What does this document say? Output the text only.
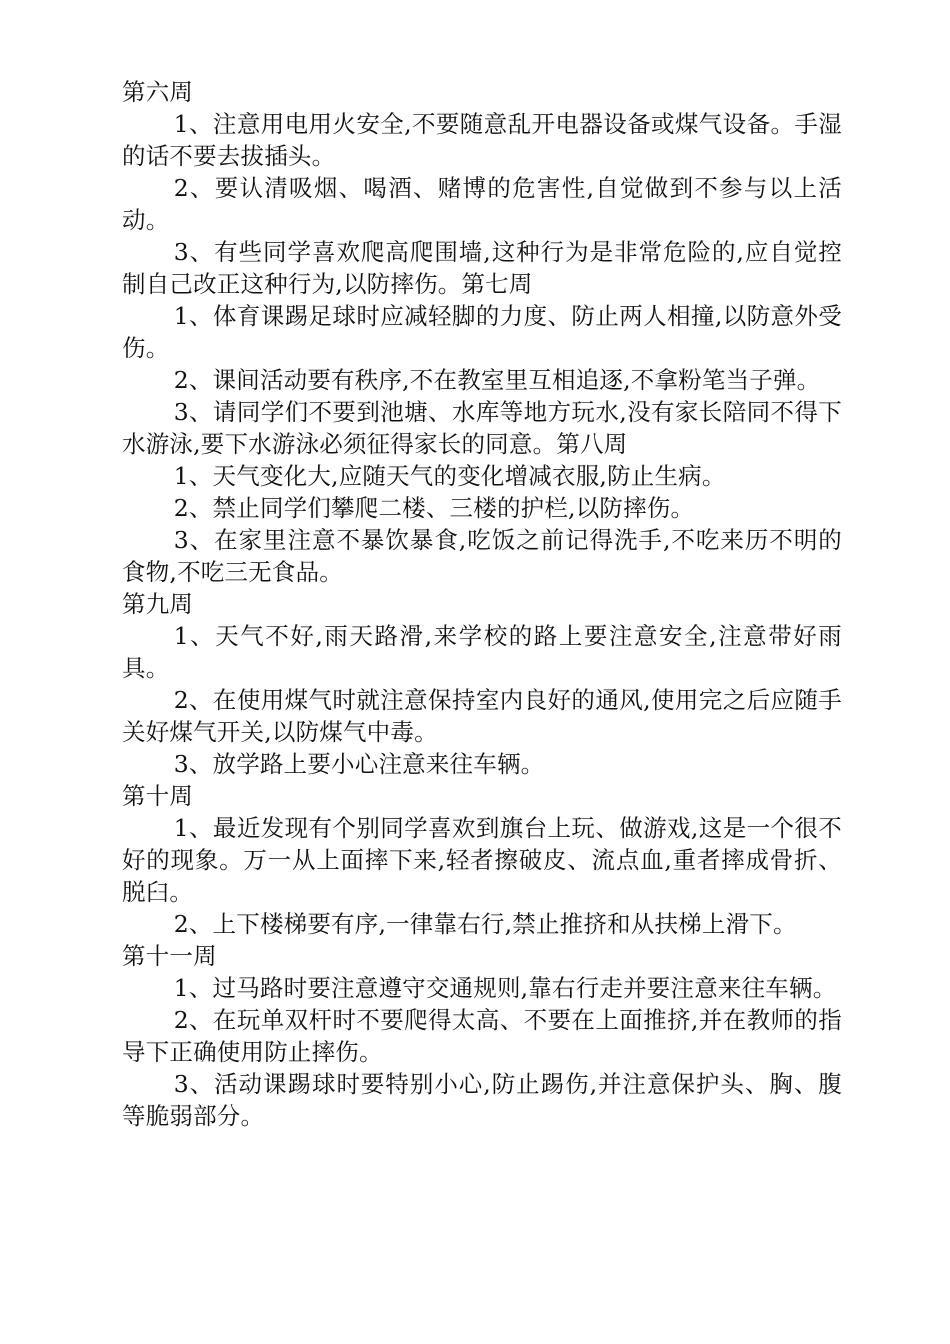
第六周

1、注意用电用火安全,不要随意乱开电器设备或煤气设备。手湿的话不要去拔插头。

2、要认清吸烟、喝酒、赌博的危害性,自觉做到不参与以上活动。

3、有些同学喜欢爬高爬围墙,这种行为是非常危险的,应自觉控制自己改正这种行为,以防摔伤。第七周

1、体育课踢足球时应减轻脚的力度、防止两人相撞,以防意外受伤。

2、课间活动要有秩序,不在教室里互相追逐,不拿粉笔当子弹。

3、请同学们不要到池塘、水库等地方玩水,没有家长陪同不得下水游泳,要下水游泳必须征得家长的同意。第八周

1、天气变化大,应随天气的变化增减衣服,防止生病。

2、禁止同学们攀爬二楼、三楼的护栏,以防摔伤。

3、在家里注意不暴饮暴食,吃饭之前记得洗手,不吃来历不明的食物,不吃三无食品。

第九周

1、天气不好,雨天路滑,来学校的路上要注意安全,注意带好雨具。

2、在使用煤气时就注意保持室内良好的通风,使用完之后应随手关好煤气开关,以防煤气中毒。

3、放学路上要小心注意来往车辆。

第十周

1、最近发现有个别同学喜欢到旗台上玩、做游戏,这是一个很不好的现象。万一从上面摔下来,轻者擦破皮、流点血,重者摔成骨折、脱臼。

2、上下楼梯要有序,一律靠右行,禁止推挤和从扶梯上滑下。

第十一周

1、过马路时要注意遵守交通规则,靠右行走并要注意来往车辆。

2、在玩单双杆时不要爬得太高、不要在上面推挤,并在教师的指导下正确使用防止摔伤。

3、活动课踢球时要特别小心,防止踢伤,并注意保护头、胸、腹等脆弱部分。
